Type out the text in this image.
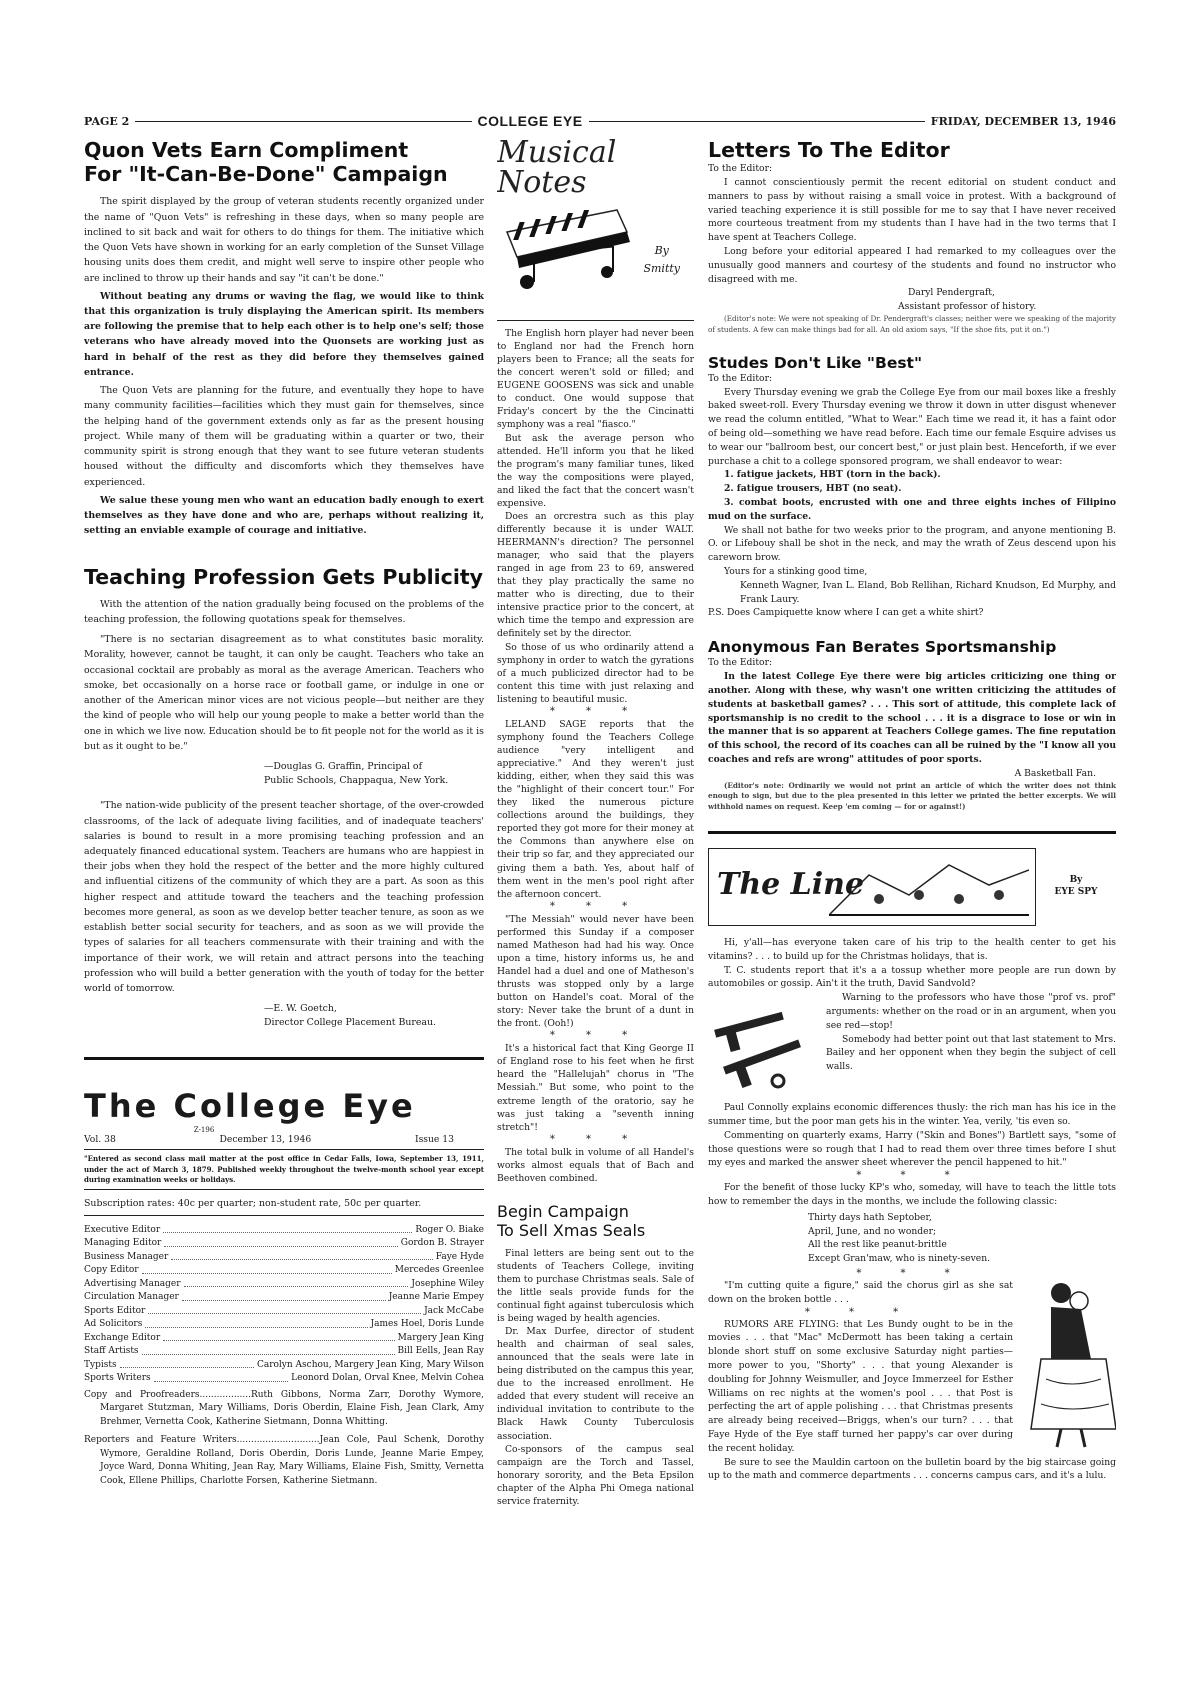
PAGE 2	COLLEGE EYE	FRIDAY, DECEMBER 13, 1946
Quon Vets Earn Compliment
For "It-Can-Be-Done" Campaign

The spirit displayed by the group of veteran students recently organized under the name of "Quon Vets" is refreshing in these days, when so many people are inclined to sit back and wait for others to do things for them. The initiative which the Quon Vets have shown in working for an early completion of the Sunset Village housing units does them credit, and might well serve to inspire other people who are inclined to throw up their hands and say "it can't be done."

Without beating any drums or waving the flag, we would like to think that this organization is truly displaying the American spirit. Its members are following the premise that to help each other is to help one's self; those veterans who have already moved into the Quonsets are working just as hard in behalf of the rest as they did before they themselves gained entrance.

The Quon Vets are planning for the future, and eventually they hope to have many community facilities—facilities which they must gain for themselves, since the helping hand of the government extends only as far as the present housing project. While many of them will be graduating within a quarter or two, their community spirit is strong enough that they want to see future veteran students housed without the difficulty and discomforts which they themselves have experienced.

We salue these young men who want an education badly enough to exert themselves as they have done and who are, perhaps without realizing it, setting an enviable example of courage and initiative.

Teaching Profession Gets Publicity

With the attention of the nation gradually being focused on the problems of the teaching profession, the following quotations speak for themselves.

"There is no sectarian disagreement as to what constitutes basic morality. Morality, however, cannot be taught, it can only be caught. Teachers who take an occasional cocktail are probably as moral as the average American. Teachers who smoke, bet occasionally on a horse race or football game, or indulge in one or another of the American minor vices are not vicious people—but neither are they the kind of people who will help our young people to make a better world than the one in which we live now. Education should be to fit people not for the world as it is but as it ought to be."

—Douglas G. Graffin, Principal of
Public Schools, Chappaqua, New York.

"The nation-wide publicity of the present teacher shortage, of the over-crowded classrooms, of the lack of adequate living facilities, and of inadequate teachers' salaries is bound to result in a more promising teaching profession and an adequately financed educational system. Teachers are humans who are happiest in their jobs when they hold the respect of the better and the more highly cultured and influential citizens of the community of which they are a part. As soon as this higher respect and attitude toward the teachers and the teaching profession becomes more general, as soon as we develop better teacher tenure, as soon as we establish better social security for teachers, and as soon as we will provide the types of salaries for all teachers commensurate with their training and with the importance of their work, we will retain and attract persons into the teaching profession who will build a better generation with the youth of today for the better world of tomorrow.

—E. W. Goetch,
Director College Placement Bureau.
The College Eye
Z-196
Vol. 38	December 13, 1946	Issue 13

"Entered as second class mail matter at the post office in Cedar Falls, Iowa, September 13, 1911, under the act of March 3, 1879. Published weekly throughout the twelve-month school year except during examination weeks or holidays.

Subscription rates: 40c per quarter; non-student rate, 50c per quarter.
Executive Editor	Roger O. Biake
Managing Editor	Gordon B. Strayer
Business Manager	Faye Hyde
Copy Editor	Mercedes Greenlee
Advertising Manager	Josephine Wiley
Circulation Manager	Jeanne Marie Empey
Sports Editor	Jack McCabe
Ad Solicitors	James Hoel, Doris Lunde
Exchange Editor	Margery Jean King
Staff Artists	Bill Eells, Jean Ray
Typists	Carolyn Aschou, Margery Jean King, Mary Wilson
Sports Writers	Leonord Dolan, Orval Knee, Melvin Cohea

Copy and Proofreaders..................Ruth Gibbons, Norma Zarr, Dorothy Wymore, Margaret Stutzman, Mary Williams, Doris Oberdin, Elaine Fish, Jean Clark, Amy Brehmer, Vernetta Cook, Katherine Sietmann, Donna Whitting.

Reporters and Feature Writers.............................Jean Cole, Paul Schenk, Dorothy Wymore, Geraldine Rolland, Doris Oberdin, Doris Lunde, Jeanne Marie Empey, Joyce Ward, Donna Whiting, Jean Ray, Mary Williams, Elaine Fish, Smitty, Vernetta Cook, Ellene Phillips, Charlotte Forsen, Katherine Sietmann.

Musical Notes
By
Smitty

The English horn player had never been to England nor had the French horn players been to France; all the seats for the concert weren't sold or filled; and EUGENE GOOSENS was sick and unable to conduct. One would suppose that Friday's concert by the the Cincinatti symphony was a real "fiasco."

But ask the average person who attended. He'll inform you that he liked the program's many familiar tunes, liked the way the compositions were played, and liked the fact that the concert wasn't expensive.

Does an orcrestra such as this play differently because it is under WALT. HEERMANN's direction? The personnel manager, who said that the players ranged in age from 23 to 69, answered that they play practically the same no matter who is directing, due to their intensive practice prior to the concert, at which time the tempo and expression are definitely set by the director.

So those of us who ordinarily attend a symphony in order to watch the gyrations of a much publicized director had to be content this time with just relaxing and listening to beautiful music.

* * *

LELAND SAGE reports that the symphony found the Teachers College audience "very intelligent and appreciative." And they weren't just kidding, either, when they said this was the "highlight of their concert tour." For they liked the numerous picture collections around the buildings, they reported they got more for their money at the Commons than anywhere else on their trip so far, and they appreciated our giving them a bath. Yes, about half of them went in the men's pool right after the afternoon concert.

* * *

"The Messiah" would never have been performed this Sunday if a composer named Matheson had had his way. Once upon a time, history informs us, he and Handel had a duel and one of Matheson's thrusts was stopped only by a large button on Handel's coat. Moral of the story: Never take the brunt of a dunt in the front. (Ooh!)

* * *

It's a historical fact that King George II of England rose to his feet when he first heard the "Hallelujah" chorus in "The Messiah." But some, who point to the extreme length of the oratorio, say he was just taking a "seventh inning stretch"!

* * *

The total bulk in volume of all Handel's works almost equals that of Bach and Beethoven combined.

Begin Campaign
To Sell Xmas Seals

Final letters are being sent out to the students of Teachers College, inviting them to purchase Christmas seals. Sale of the little seals provide funds for the continual fight against tuberculosis which is being waged by health agencies.

Dr. Max Durfee, director of student health and chairman of seal sales, announced that the seals were late in being distributed on the campus this year, due to the increased enrollment. He added that every student will receive an individual invitation to contribute to the Black Hawk County Tuberculosis association.

Co-sponsors of the campus seal campaign are the Torch and Tassel, honorary sorority, and the Beta Epsilon chapter of the Alpha Phi Omega national service fraternity.

Letters To The Editor

To the Editor:

I cannot conscientiously permit the recent editorial on student conduct and manners to pass by without raising a small voice in protest. With a background of varied teaching experience it is still possible for me to say that I have never received more courteous treatment from my students than I have had in the two terms that I have spent at Teachers College.

Long before your editorial appeared I had remarked to my colleagues over the unusually good manners and courtesy of the students and found no instructor who disagreed with me.

Daryl Pendergraft,

Assistant professor of history.

(Editor's note: We were not speaking of Dr. Pendergraft's classes; neither were we speaking of the majority of students. A few can make things bad for all. An old axiom says, "If the shoe fits, put it on.")

Studes Don't Like "Best"

To the Editor:

Every Thursday evening we grab the College Eye from our mail boxes like a freshly baked sweet-roll. Every Thursday evening we throw it down in utter disgust whenever we read the column entitled, "What to Wear." Each time we read it, it has a faint odor of being old—something we have read before. Each time our female Esquire advises us to wear our "ballroom best, our concert best," or just plain best. Henceforth, if we ever purchase a chit to a college sponsored program, we shall endeavor to wear:

1. fatigue jackets, HBT (torn in the back).

2. fatigue trousers, HBT (no seat).

3. combat boots, encrusted with one and three eights inches of Filipino mud on the surface.

We shall not bathe for two weeks prior to the program, and anyone mentioning B. O. or Lifebouy shall be shot in the neck, and may the wrath of Zeus descend upon his careworn brow.

Yours for a stinking good time,

Kenneth Wagner, Ivan L. Eland, Bob Rellihan, Richard Knudson, Ed Murphy, and Frank Laury.

P.S. Does Campiquette know where I can get a white shirt?

Anonymous Fan Berates Sportsmanship

To the Editor:

In the latest College Eye there were big articles criticizing one thing or another. Along with these, why wasn't one written criticizing the attitudes of students at basketball games? . . . This sort of attitude, this complete lack of sportsmanship is no credit to the school . . . it is a disgrace to lose or win in the manner that is so apparent at Teachers College games. The fine reputation of this school, the record of its coaches can all be ruined by the "I know all you coaches and refs are wrong" attitudes of poor sports.

A Basketball Fan.

(Editor's note: Ordinarily we would not print an article of which the writer does not think enough to sign, but due to the plea presented in this letter we printed the better excerpts. We will withhold names on request. Keep 'em coming — for or against!)

The Line	By
EYE SPY

Hi, y'all—has everyone taken care of his trip to the health center to get his vitamins? . . . to build up for the Christmas holidays, that is.

T. C. students report that it's a a tossup whether more people are run down by automobiles or gossip. Ain't it the truth, David Sandvold?

Warning to the professors who have those "prof vs. prof" arguments: whether on the road or in an argument, when you see red—stop!

Somebody had better point out that last statement to Mrs. Bailey and her opponent when they begin the subject of cell walls.

Paul Connolly explains economic differences thusly: the rich man has his ice in the summer time, but the poor man gets his in the winter. Yea, verily, 'tis even so.

Commenting on quarterly exams, Harry ("Skin and Bones") Bartlett says, "some of those questions were so rough that I had to read them over three times before I shut my eyes and marked the answer sheet wherever the pencil happened to hit."

* * *

For the benefit of those lucky KP's who, someday, will have to teach the little tots how to remember the days in the months, we include the following classic:

Thirty days hath Septober,
April, June, and no wonder;
All the rest like peanut-brittle
Except Gran'maw, who is ninety-seven.
* * *

"I'm cutting quite a figure," said the chorus girl as she sat down on the broken bottle . . .

* * *

RUMORS ARE FLYING: that Les Bundy ought to be in the movies . . . that "Mac" McDermott has been taking a certain blonde short stuff on some exclusive Saturday night parties—more power to you, "Shorty" . . . that young Alexander is doubling for Johnny Weismuller, and Joyce Immerzeel for Esther Williams on rec nights at the women's pool . . . that Post is perfecting the art of apple polishing . . . that Christmas presents are already being received—Briggs, when's our turn? . . . that Faye Hyde of the Eye staff turned her pappy's car over during the recent holiday.

Be sure to see the Mauldin cartoon on the bulletin board by the big staircase going up to the math and commerce departments . . . concerns campus cars, and it's a lulu.
